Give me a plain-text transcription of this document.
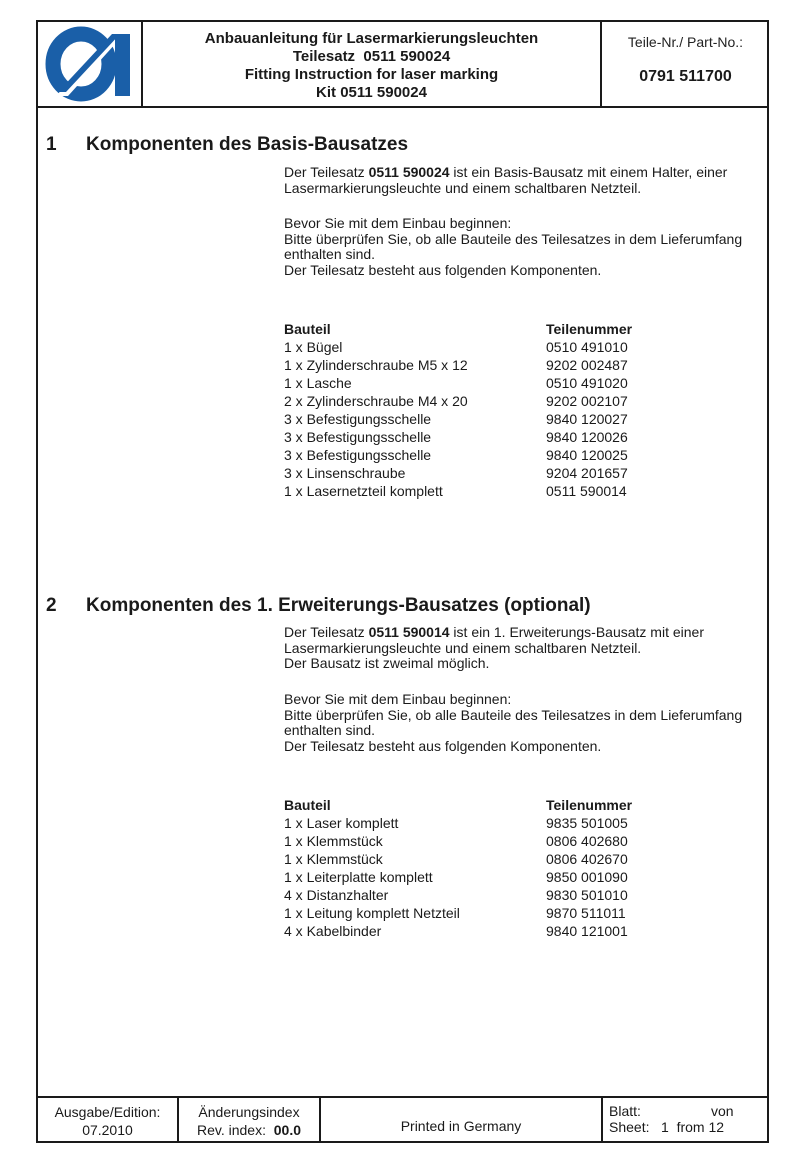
Anbauanleitung für Lasermarkierungsleuchten
Teilesatz  0511 590024
Fitting Instruction for laser marking
Kit 0511 590024
Teile-Nr./ Part-No.:
0791 511700
1 Komponenten des Basis-Bausatzes

Der Teilesatz 0511 590024 ist ein Basis-Bausatz mit einem Halter, einer Lasermarkierungsleuchte und einem schaltbaren Netzteil.

Bevor Sie mit dem Einbau beginnen:

Bitte überprüfen Sie, ob alle Bauteile des Teilesatzes in dem Lieferumfang enthalten sind.

Der Teilesatz besteht aus folgenden Komponenten.

Bauteil	Teilenummer
1 x Bügel	0510 491010
1 x Zylinderschraube M5 x 12	9202 002487
1 x Lasche	0510 491020
2 x Zylinderschraube M4 x 20	9202 002107
3 x Befestigungsschelle	9840 120027
3 x Befestigungsschelle	9840 120026
3 x Befestigungsschelle	9840 120025
3 x Linsenschraube	9204 201657
1 x Lasernetzteil komplett	0511 590014
2 Komponenten des 1. Erweiterungs-Bausatzes (optional)

Der Teilesatz 0511 590014 ist ein 1. Erweiterungs-Bausatz mit einer Lasermarkierungsleuchte und einem schaltbaren Netzteil.

Der Bausatz ist zweimal möglich.

Bevor Sie mit dem Einbau beginnen:

Bitte überprüfen Sie, ob alle Bauteile des Teilesatzes in dem Lieferumfang enthalten sind.

Der Teilesatz besteht aus folgenden Komponenten.

Bauteil	Teilenummer
1 x Laser komplett	9835 501005
1 x Klemmstück	0806 402680
1 x Klemmstück	0806 402670
1 x Leiterplatte komplett	9850 001090
4 x Distanzhalter	9830 501010
1 x Leitung komplett Netzteil	9870 511011
4 x Kabelbinder	9840 121001
Ausgabe/Edition:
07.2010
Änderungsindex
Rev. index: 00.0	Printed in Germany
Blatt:	von
Sheet: 1
from
12
